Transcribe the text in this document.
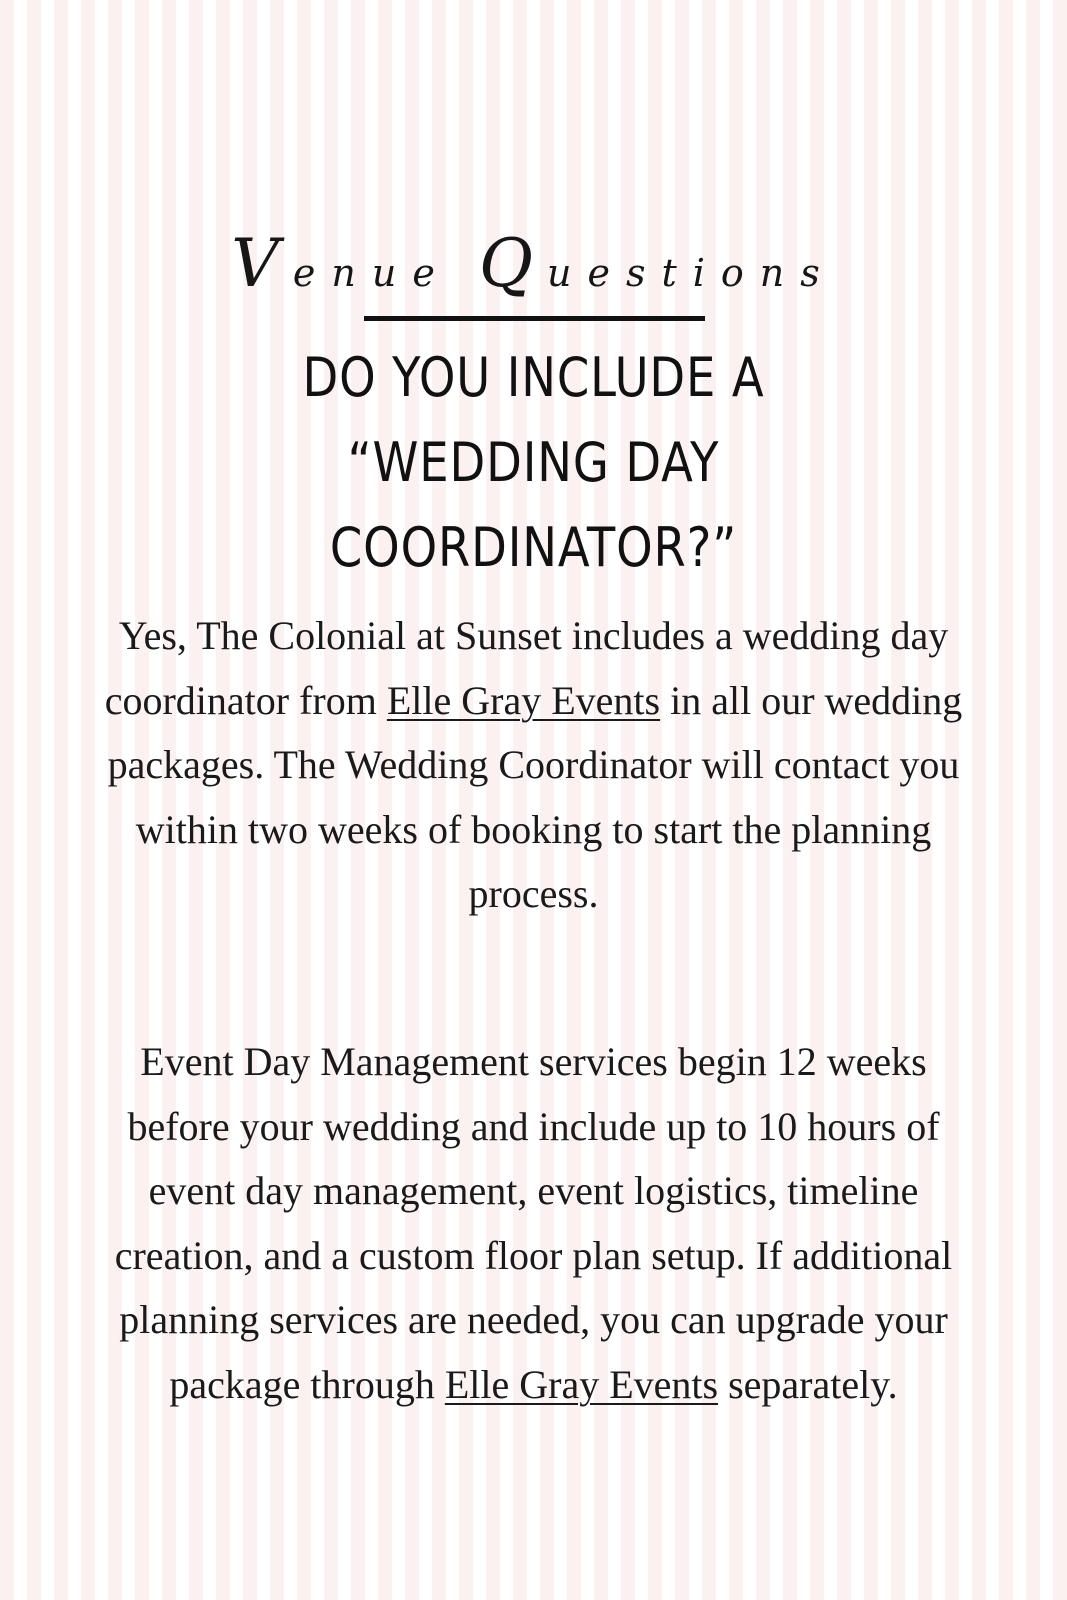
Venue Questions
DO YOU INCLUDE A
“WEDDING DAY
COORDINATOR?”

Yes, The Colonial at Sunset includes a wedding day coordinator from Elle Gray Events in all our wedding packages. The Wedding Coordinator will contact you within two weeks of booking to start the planning process.

Event Day Management services begin 12 weeks before your wedding and include up to 10 hours of event day management, event logistics, timeline creation, and a custom floor plan setup. If additional planning services are needed, you can upgrade your package through Elle Gray Events separately.
